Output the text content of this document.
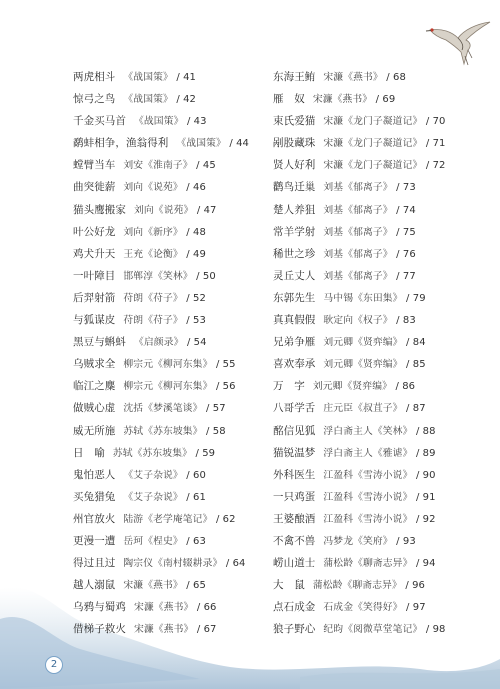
两虎相斗 《战国策》 / 41
惊弓之鸟 《战国策》 / 42
千金买马首 《战国策》 / 43
鹬蚌相争，渔翁得利 《战国策》 / 44
螳臂当车 刘安《淮南子》 / 45
曲突徙薪 刘向《说苑》 / 46
猫头鹰搬家 刘向《说苑》 / 47
叶公好龙 刘向《新序》 / 48
鸡犬升天 王充《论衡》 / 49
一叶障目 邯郸淳《笑林》 / 50
后羿射箭 苻朗《苻子》 / 52
与狐谋皮 苻朗《苻子》 / 53
黑豆与蝌蚪 《启颜录》 / 54
乌贼求全 柳宗元《柳河东集》 / 55
临江之麋 柳宗元《柳河东集》 / 56
做贼心虚 沈括《梦溪笔谈》 / 57
威无所施 苏轼《苏东坡集》 / 58
日　喻 苏轼《苏东坡集》 / 59
鬼怕恶人 《艾子杂说》 / 60
买兔猎兔 《艾子杂说》 / 61
州官放火 陆游《老学庵笔记》 / 62
更漫一遭 岳珂《桯史》 / 63
得过且过 陶宗仪《南村辍耕录》 / 64
越人溺鼠 宋濂《燕书》 / 65
乌鸦与蜀鸡 宋濂《燕书》 / 66
借梯子救火 宋濂《燕书》 / 67
东海王鲔 宋濂《燕书》 / 68
雁　奴 宋濂《燕书》 / 69
束氏爱猫 宋濂《龙门子凝道记》 / 70
剐股藏珠 宋濂《龙门子凝道记》 / 71
贤人好利 宋濂《龙门子凝道记》 / 72
鹳鸟迁巢 刘基《郁离子》 / 73
楚人养狙 刘基《郁离子》 / 74
常羊学射 刘基《郁离子》 / 75
稀世之珍 刘基《郁离子》 / 76
灵丘丈人 刘基《郁离子》 / 77
东郭先生 马中锡《东田集》 / 79
真真假假 耿定向《权子》 / 83
兄弟争雁 刘元卿《贤弈编》 / 84
喜欢奉承 刘元卿《贤弈编》 / 85
万　字 刘元卿《贤弈编》 / 86
八哥学舌 庄元臣《叔苴子》 / 87
酩信见狐 浮白斋主人《笑林》 / 88
猫锐温梦 浮白斋主人《雅谑》 / 89
外科医生 江盈科《雪涛小说》 / 90
一只鸡蛋 江盈科《雪涛小说》 / 91
王婆酿酒 江盈科《雪涛小说》 / 92
不禽不兽 冯梦龙《笑府》 / 93
崂山道士 蒲松龄《聊斋志异》 / 94
大　鼠 蒲松龄《聊斋志异》 / 96
点石成金 石成金《笑得好》 / 97
狼子野心 纪昀《阅微草堂笔记》 / 98
2
